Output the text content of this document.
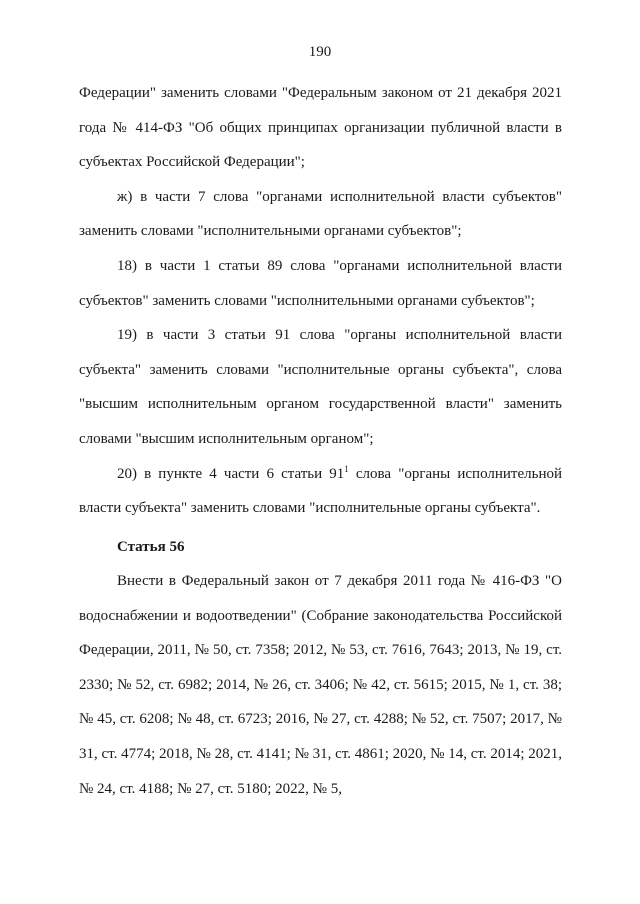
190

Федерации" заменить словами "Федеральным законом от 21 декабря 2021 года № 414-ФЗ "Об общих принципах организации публичной власти в субъектах Российской Федерации";

ж) в части 7 слова "органами исполнительной власти субъектов" заменить словами "исполнительными органами субъектов";

18) в части 1 статьи 89 слова "органами исполнительной власти субъектов" заменить словами "исполнительными органами субъектов";

19) в части 3 статьи 91 слова "органы исполнительной власти субъекта" заменить словами "исполнительные органы субъекта", слова "высшим исполнительным органом государственной власти" заменить словами "высшим исполнительным органом";

20) в пункте 4 части 6 статьи $91^1$ слова "органы исполнительной власти субъекта" заменить словами "исполнительные органы субъекта".

Статья 56

Внести в Федеральный закон от 7 декабря 2011 года № 416-ФЗ "О водоснабжении и водоотведении" (Собрание законодательства Российской Федерации, 2011, № 50, ст. 7358; 2012, № 53, ст. 7616, 7643; 2013, № 19, ст. 2330; № 52, ст. 6982; 2014, № 26, ст. 3406; № 42, ст. 5615; 2015, № 1, ст. 38; № 45, ст. 6208; № 48, ст. 6723; 2016, № 27, ст. 4288; № 52, ст. 7507; 2017, № 31, ст. 4774; 2018, № 28, ст. 4141; № 31, ст. 4861; 2020, № 14, ст. 2014; 2021, № 24, ст. 4188; № 27, ст. 5180; 2022, № 5,
